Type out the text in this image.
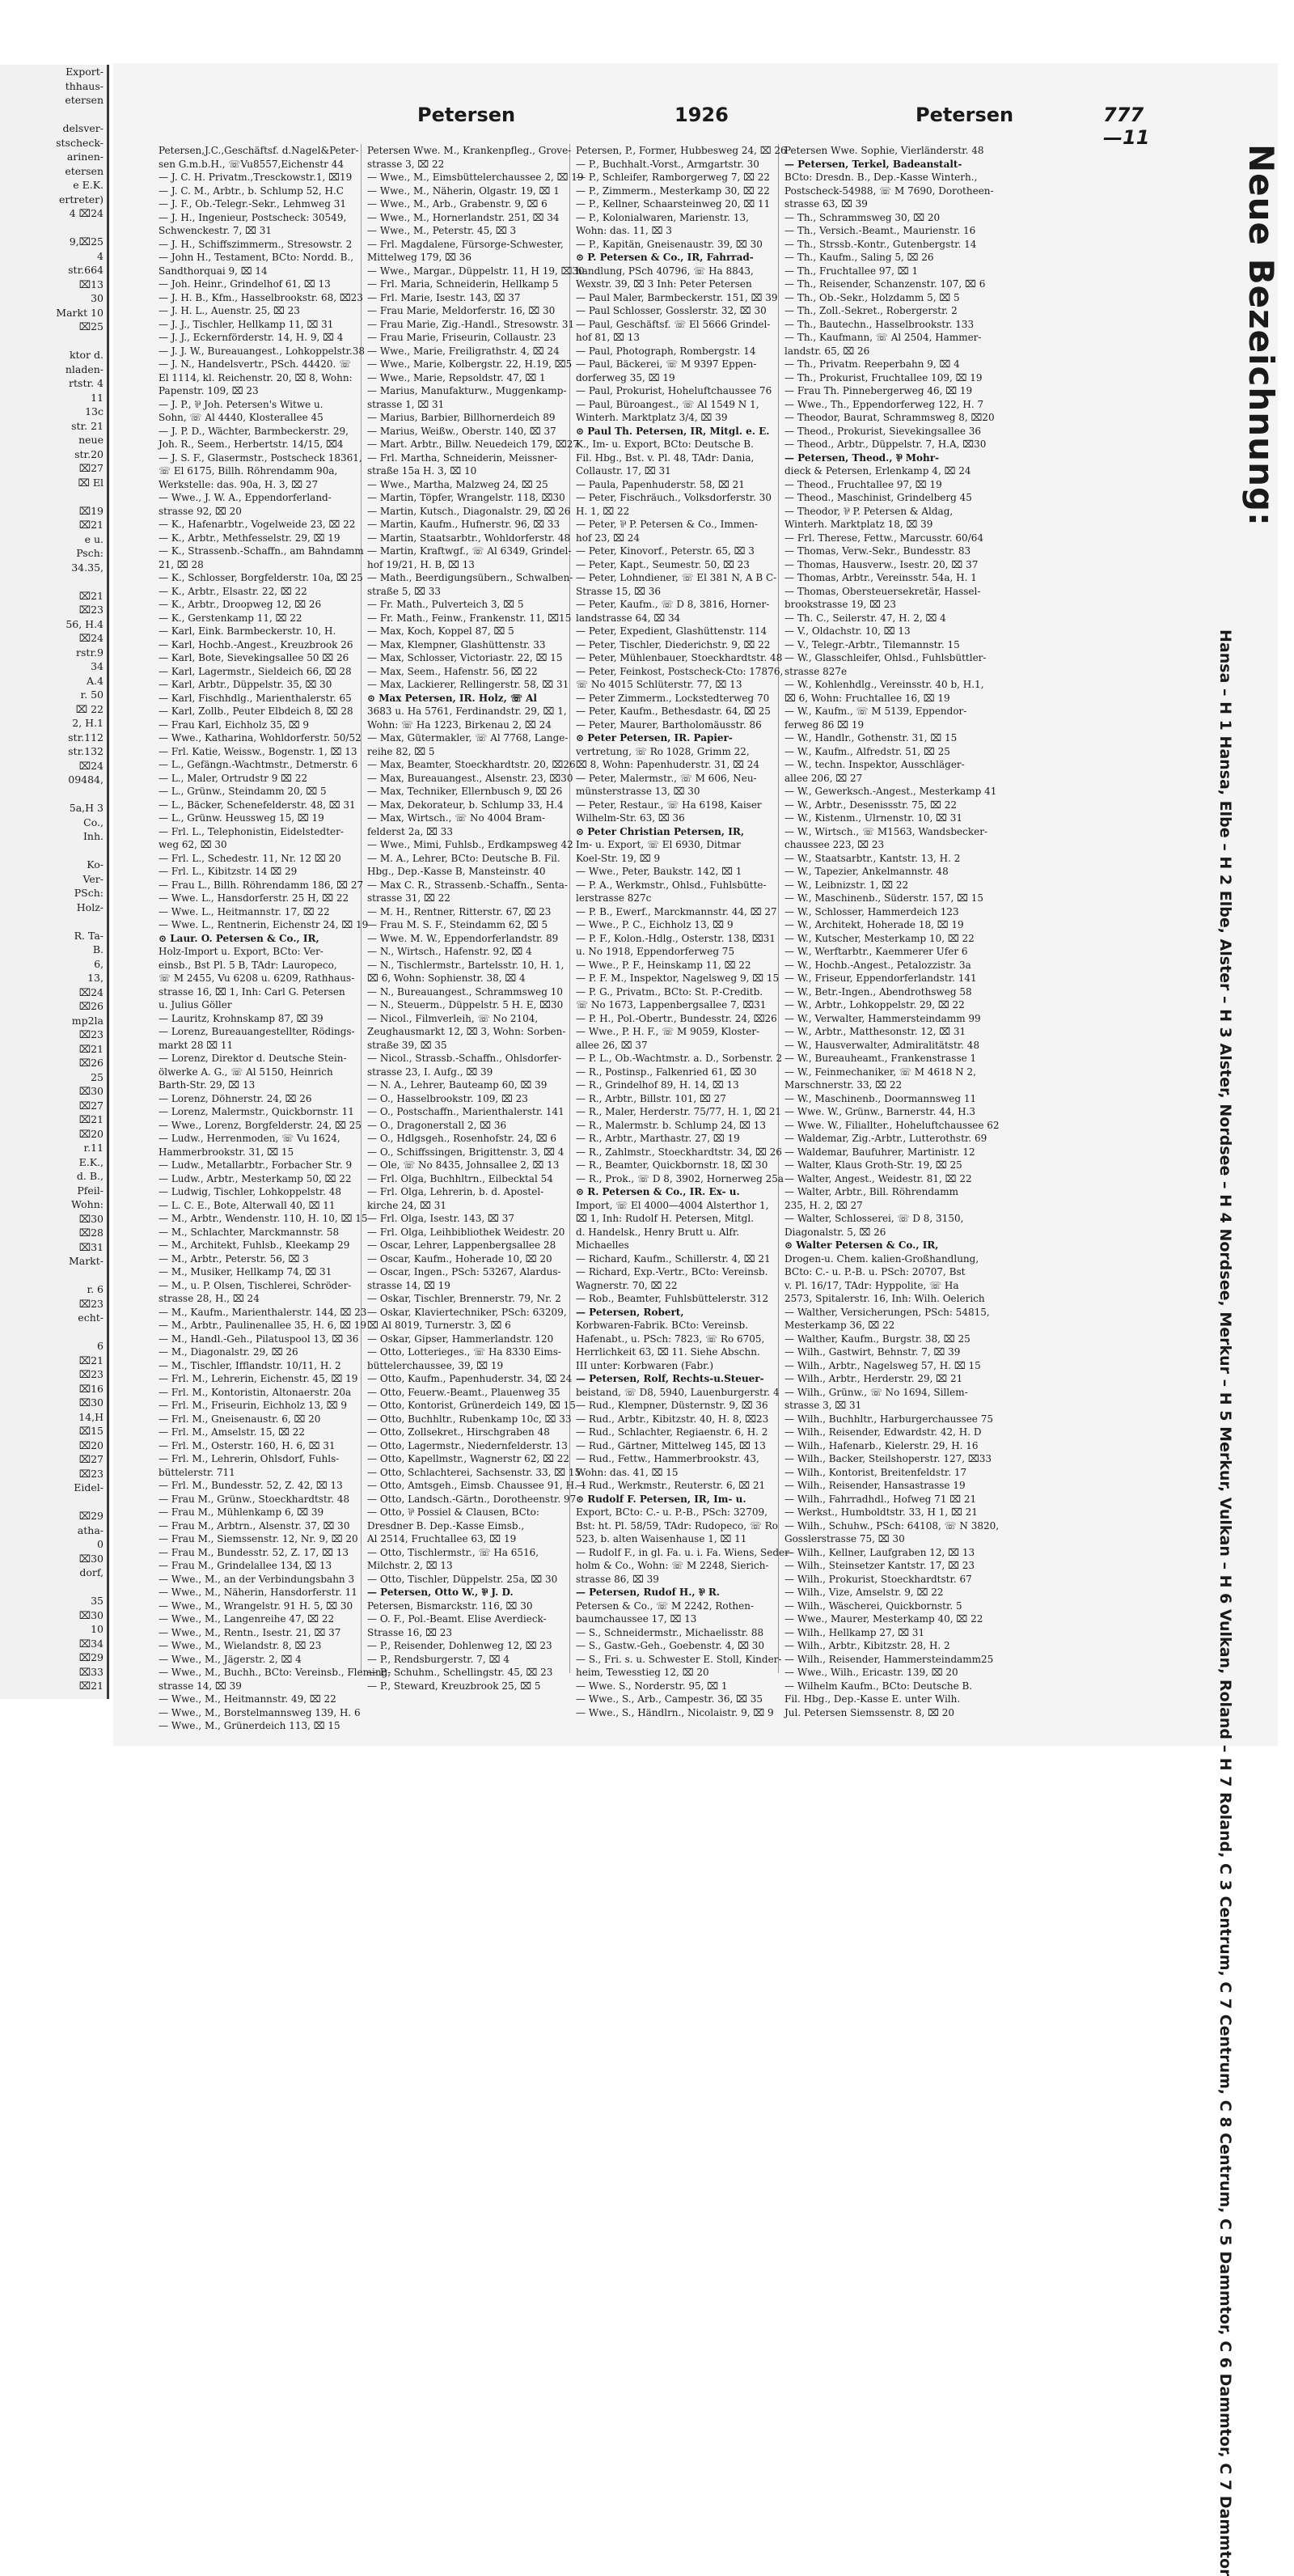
Export-
thhaus-
etersen

delsver-
stscheck-
arinen-
etersen
e E.K.
ertreter)
4 ⌧24

9,⌧25
4
str.664
⌧13
30
Markt 10
⌧25

ktor d.
nladen-
rtstr. 4
11
13c
str. 21
neue
str.20
⌧27
⌧ El

⌧19
⌧21
e u.
Psch:
34.35,

⌧21
⌧23
56, H.4
⌧24
rstr.9
34
A.4
r. 50
⌧ 22
2, H.1
str.112
str.132
⌧24
09484,

5a,H 3
Co.,
Inh.

Ko-
Ver-
PSch:
Holz-

R. Ta-
B.
6,
13,
⌧24
⌧26
mp2la
⌧23
⌧21
⌧26
25
⌧30
⌧27
⌧21
⌧20
r.11
E.K.,
d. B.,
Pfeil-
Wohn:
⌧30
⌧28
⌧31
Markt-

r. 6
⌧23
echt-

6
⌧21
⌧23
⌧16
⌧30
14,H
⌧15
⌧20
⌧27
⌧23
Eidel-

⌧29
atha-
0
⌧30
dorf,

35
⌧30
10
⌧34
⌧29
⌧33
⌧21
Petersen	1926	Petersen	777—11
Petersen,J.C.,Geschäftsf. d.Nagel&Peter-
sen G.m.b.H., ☏Vu8557,Eichenstr 44
— J. C. H. Privatm.,Tresckowstr.1, ⌧19
— J. C. M., Arbtr., b. Schlump 52, H.C
— J. F., Ob.-Telegr.-Sekr., Lehmweg 31
— J. H., Ingenieur, Postscheck: 30549,
Schwenckestr. 7, ⌧ 31
— J. H., Schiffszimmerm., Stresowstr. 2
— John H., Testament, BCto: Nordd. B.,
Sandthorquai 9, ⌧ 14
— Joh. Heinr., Grindelhof 61, ⌧ 13
— J. H. B., Kfm., Hasselbrookstr. 68, ⌧23
— J. H. L., Auenstr. 25, ⌧ 23
— J. J., Tischler, Hellkamp 11, ⌧ 31
— J. J., Eckernförderstr. 14, H. 9, ⌧ 4
— J. J. W., Bureauangest., Lohkoppelstr.38
— J. N., Handelsvertr., PSch. 44420. ☏
El 1114, kl. Reichenstr. 20, ⌧ 8, Wohn:
Papenstr. 109, ⌧ 23
— J. P., ⅌ Joh. Petersen's Witwe u.
Sohn, ☏ Al 4440, Klosterallee 45
— J. P. D., Wächter, Barmbeckerstr. 29,
Joh. R., Seem., Herbertstr. 14/15, ⌧4
— J. S. F., Glasermstr., Postscheck 18361,
☏ El 6175, Billh. Röhrendamm 90a,
Werkstelle: das. 90a, H. 3, ⌧ 27
— Wwe., J. W. A., Eppendorferland-
strasse 92, ⌧ 20
— K., Hafenarbtr., Vogelweide 23, ⌧ 22
— K., Arbtr., Methfesselstr. 29, ⌧ 19
— K., Strassenb.-Schaffn., am Bahndamm
21, ⌧ 28
— K., Schlosser, Borgfelderstr. 10a, ⌧ 25
— K., Arbtr., Elsastr. 22, ⌧ 22
— K., Arbtr., Droopweg 12, ⌧ 26
— K., Gerstenkamp 11, ⌧ 22
— Karl, Eink. Barmbeckerstr. 10, H.
— Karl, Hochb.-Angest., Kreuzbrook 26
— Karl, Bote, Sievekingsallee 50 ⌧ 26
— Karl, Lagermstr., Sieldeich 66, ⌧ 28
— Karl, Arbtr., Düppelstr. 35, ⌧ 30
— Karl, Fischhdlg., Marienthalerstr. 65
— Karl, Zollb., Peuter Elbdeich 8, ⌧ 28
— Frau Karl, Eichholz 35, ⌧ 9
— Wwe., Katharina, Wohldorferstr. 50/52
— Frl. Katie, Weissw., Bogenstr. 1, ⌧ 13
— L., Gefängn.-Wachtmstr., Detmerstr. 6
— L., Maler, Ortrudstr 9 ⌧ 22
— L., Grünw., Steindamm 20, ⌧ 5
— L., Bäcker, Schenefelderstr. 48, ⌧ 31
— L., Grünw. Heussweg 15, ⌧ 19
— Frl. L., Telephonistin, Eidelstedter-
weg 62, ⌧ 30
— Frl. L., Schedestr. 11, Nr. 12 ⌧ 20
— Frl. L., Kibitzstr. 14 ⌧ 29
— Frau L., Billh. Röhrendamm 186, ⌧ 27
— Wwe. L., Hansdorferstr. 25 H, ⌧ 22
— Wwe. L., Heitmannstr. 17, ⌧ 22
— Wwe. L., Rentnerin, Eichenstr 24, ⌧ 19
⊙ Laur. O. Petersen & Co., IR,
Holz-Import u. Export, BCto: Ver-
einsb., Bst Pl. 5 B, TAdr: Lauropeco,
☏ M 2455, Vu 6208 u. 6209, Rathhaus-
strasse 16, ⌧ 1, Inh: Carl G. Petersen
u. Julius Göller
— Lauritz, Krohnskamp 87, ⌧ 39
— Lorenz, Bureauangestellter, Rödings-
markt 28 ⌧ 11
— Lorenz, Direktor d. Deutsche Stein-
ölwerke A. G., ☏ Al 5150, Heinrich
Barth-Str. 29, ⌧ 13
— Lorenz, Döhnerstr. 24, ⌧ 26
— Lorenz, Malermstr., Quickbornstr. 11
— Wwe., Lorenz, Borgfelderstr. 24, ⌧ 25
— Ludw., Herrenmoden, ☏ Vu 1624,
Hammerbrookstr. 31, ⌧ 15
— Ludw., Metallarbtr., Forbacher Str. 9
— Ludw., Arbtr., Mesterkamp 50, ⌧ 22
— Ludwig, Tischler, Lohkoppelstr. 48
— L. C. E., Bote, Alterwall 40, ⌧ 11
— M., Arbtr., Wendenstr. 110, H. 10, ⌧ 15
— M., Schlachter, Marckmannstr. 58
— M., Architekt, Fuhlsb., Kleekamp 29
— M., Arbtr., Peterstr. 56, ⌧ 3
— M., Musiker, Hellkamp 74, ⌧ 31
— M., u. P. Olsen, Tischlerei, Schröder-
strasse 28, H., ⌧ 24
— M., Kaufm., Marienthalerstr. 144, ⌧ 23
— M., Arbtr., Paulinenallee 35, H. 6, ⌧ 19
— M., Handl.-Geh., Pilatuspool 13, ⌧ 36
— M., Diagonalstr. 29, ⌧ 26
— M., Tischler, Ifflandstr. 10/11, H. 2
— Frl. M., Lehrerin, Eichenstr. 45, ⌧ 19
— Frl. M., Kontoristin, Altonaerstr. 20a
— Frl. M., Friseurin, Eichholz 13, ⌧ 9
— Frl. M., Gneisenaustr. 6, ⌧ 20
— Frl. M., Amselstr. 15, ⌧ 22
— Frl. M., Osterstr. 160, H. 6, ⌧ 31
— Frl. M., Lehrerin, Ohlsdorf, Fuhls-
büttelerstr. 711
— Frl. M., Bundesstr. 52, Z. 42, ⌧ 13
— Frau M., Grünw., Stoeckhardtstr. 48
— Frau M., Mühlenkamp 6, ⌧ 39
— Frau M., Arbtrn., Alsenstr. 37, ⌧ 30
— Frau M., Siemssenstr. 12, Nr. 9, ⌧ 20
— Frau M., Bundesstr. 52, Z. 17, ⌧ 13
— Frau M., Grindelallee 134, ⌧ 13
— Wwe., M., an der Verbindungsbahn 3
— Wwe., M., Näherin, Hansdorferstr. 11
— Wwe., M., Wrangelstr. 91 H. 5, ⌧ 30
— Wwe., M., Langenreihe 47, ⌧ 22
— Wwe., M., Rentn., Isestr. 21, ⌧ 37
— Wwe., M., Wielandstr. 8, ⌧ 23
— Wwe., M., Jägerstr. 2, ⌧ 4
— Wwe., M., Buchh., BCto: Vereinsb., Fleming-
strasse 14, ⌧ 39
— Wwe., M., Heitmannstr. 49, ⌧ 22
— Wwe., M., Borstelmannsweg 139, H. 6
— Wwe., M., Grünerdeich 113, ⌧ 15
Petersen Wwe. M., Krankenpfleg., Grove-
strasse 3, ⌧ 22
— Wwe., M., Eimsbüttelerchaussee 2, ⌧ 19
— Wwe., M., Näherin, Olgastr. 19, ⌧ 1
— Wwe., M., Arb., Grabenstr. 9, ⌧ 6
— Wwe., M., Hornerlandstr. 251, ⌧ 34
— Wwe., M., Peterstr. 45, ⌧ 3
— Frl. Magdalene, Fürsorge-Schwester,
Mittelweg 179, ⌧ 36
— Wwe., Margar., Düppelstr. 11, H 19, ⌧30
— Frl. Maria, Schneiderin, Hellkamp 5
— Frl. Marie, Isestr. 143, ⌧ 37
— Frau Marie, Meldorferstr. 16, ⌧ 30
— Frau Marie, Zig.-Handl., Stresowstr. 31
— Frau Marie, Friseurin, Collaustr. 23
— Wwe., Marie, Freiligrathstr. 4, ⌧ 24
— Wwe., Marie, Kolbergstr. 22, H.19, ⌧5
— Wwe., Marie, Repsoldstr. 47, ⌧ 1
— Marius, Manufakturw., Muggenkamp-
strasse 1, ⌧ 31
— Marius, Barbier, Billhornerdeich 89
— Marius, Weißw., Oberstr. 140, ⌧ 37
— Mart. Arbtr., Billw. Neuedeich 179, ⌧27
— Frl. Martha, Schneiderin, Meissner-
straße 15a H. 3, ⌧ 10
— Wwe., Martha, Malzweg 24, ⌧ 25
— Martin, Töpfer, Wrangelstr. 118, ⌧30
— Martin, Kutsch., Diagonalstr. 29, ⌧ 26
— Martin, Kaufm., Hufnerstr. 96, ⌧ 33
— Martin, Staatsarbtr., Wohldorferstr. 48
— Martin, Kraftwgf., ☏ Al 6349, Grindel-
hof 19/21, H. B, ⌧ 13
— Math., Beerdigungsübern., Schwalben-
straße 5, ⌧ 33
— Fr. Math., Pulverteich 3, ⌧ 5
— Fr. Math., Feinw., Frankenstr. 11, ⌧15
— Max, Koch, Koppel 87, ⌧ 5
— Max, Klempner, Glashüttenstr. 33
— Max, Schlosser, Victoriastr. 22, ⌧ 15
— Max, Seem., Hafenstr. 56, ⌧ 22
— Max, Lackierer, Rellingerstr. 58, ⌧ 31
⊙ Max Petersen, IR. Holz, ☏ Al
3683 u. Ha 5761, Ferdinandstr. 29, ⌧ 1,
Wohn: ☏ Ha 1223, Birkenau 2, ⌧ 24
— Max, Gütermakler, ☏ Al 7768, Lange-
reihe 82, ⌧ 5
— Max, Beamter, Stoeckhardtstr. 20, ⌧26
— Max, Bureauangest., Alsenstr. 23, ⌧30
— Max, Techniker, Ellernbusch 9, ⌧ 26
— Max, Dekorateur, b. Schlump 33, H.4
— Max, Wirtsch., ☏ No 4004 Bram-
felderst 2a, ⌧ 33
— Wwe., Mimi, Fuhlsb., Erdkampsweg 42
— M. A., Lehrer, BCto: Deutsche B. Fil.
Hbg., Dep.-Kasse B, Mansteinstr. 40
— Max C. R., Strassenb.-Schaffn., Senta-
strasse 31, ⌧ 22
— M. H., Rentner, Ritterstr. 67, ⌧ 23
— Frau M. S. F., Steindamm 62, ⌧ 5
— Wwe. M. W., Eppendorferlandstr. 89
— N., Wirtsch., Hafenstr. 92, ⌧ 4
— N., Tischlermstr., Bartelsstr. 10, H. 1,
⌧ 6, Wohn: Sophienstr. 38, ⌧ 4
— N., Bureauangest., Schrammsweg 10
— N., Steuerm., Düppelstr. 5 H. E, ⌧30
— Nicol., Filmverleih, ☏ No 2104,
Zeughausmarkt 12, ⌧ 3, Wohn: Sorben-
straße 39, ⌧ 35
— Nicol., Strassb.-Schaffn., Ohlsdorfer-
strasse 23, I. Aufg., ⌧ 39
— N. A., Lehrer, Bauteamp 60, ⌧ 39
— O., Hasselbrookstr. 109, ⌧ 23
— O., Postschaffn., Marienthalerstr. 141
— O., Dragonerstall 2, ⌧ 36
— O., Hdlgsgeh., Rosenhofstr. 24, ⌧ 6
— O., Schiffssingen, Brigittenstr. 3, ⌧ 4
— Ole, ☏ No 8435, Johnsallee 2, ⌧ 13
— Frl. Olga, Buchhltrn., Eilbecktal 54
— Frl. Olga, Lehrerin, b. d. Apostel-
kirche 24, ⌧ 31
— Frl. Olga, Isestr. 143, ⌧ 37
— Frl. Olga, Leihbibliothek Weidestr. 20
— Oscar, Lehrer, Lappenbergsallee 28
— Oscar, Kaufm., Hoheradе 10, ⌧ 20
— Oscar, Ingen., PSch: 53267, Alardus-
strasse 14, ⌧ 19
— Oskar, Tischler, Brennerstr. 79, Nr. 2
— Oskar, Klaviertechniker, PSch: 63209,
⌧ Al 8019, Turnerstr. 3, ⌧ 6
— Oskar, Gipser, Hammerlandstr. 120
— Otto, Lotterieges., ☏ Ha 8330 Eims-
büttelerchaussee, 39, ⌧ 19
— Otto, Kaufm., Papenhuderstr. 34, ⌧ 24
— Otto, Feuerw.-Beamt., Plauenweg 35
— Otto, Kontorist, Grünerdeich 149, ⌧ 15
— Otto, Buchhltr., Rubenkamp 10c, ⌧ 33
— Otto, Zollsekret., Hirschgraben 48
— Otto, Lagermstr., Niedernfelderstr. 13
— Otto, Kapellmstr., Wagnerstr 62, ⌧ 22
— Otto, Schlachterei, Sachsenstr. 33, ⌧ 15
— Otto, Amtsgeh., Eimsb. Chaussee 91, H. 1
— Otto, Landsch.-Gärtn., Dorotheenstr. 97
— Otto, ⅌ Possiel & Clausen, BCto:
Dresdner B. Dep.-Kasse Eimsb.,
Al 2514, Fruchtallee 63, ⌧ 19
— Otto, Tischlermstr., ☏ Ha 6516,
Milchstr. 2, ⌧ 13
— Otto, Tischler, Düppelstr. 25a, ⌧ 30
— Petersen, Otto W., ⅌ J. D.
Petersen, Bismarckstr. 116, ⌧ 30
— O. F., Pol.-Beamt. Elise Averdieck-
Strasse 16, ⌧ 23
— P., Reisender, Dohlenweg 12, ⌧ 23
— P., Rendsburgerstr. 7, ⌧ 4
— P., Schuhm., Schellingstr. 45, ⌧ 23
— P., Steward, Kreuzbrook 25, ⌧ 5
Petersen, P., Former, Hubbesweg 24, ⌧ 26
— P., Buchhalt.-Vorst., Armgartstr. 30
— P., Schleifer, Ramborgerweg 7, ⌧ 22
— P., Zimmerm., Mesterkamp 30, ⌧ 22
— P., Kellner, Schaarsteinweg 20, ⌧ 11
— P., Kolonialwaren, Marienstr. 13,
Wohn: das. 11, ⌧ 3
— P., Kapitän, Gneisenaustr. 39, ⌧ 30
⊙ P. Petersen & Co., IR, Fahrrad-
handlung, PSch 40796, ☏ Ha 8843,
Wexstr. 39, ⌧ 3 Inh: Peter Petersen
— Paul Maler, Barmbeckerstr. 151, ⌧ 39
— Paul Schlosser, Gosslerstr. 32, ⌧ 30
— Paul, Geschäftsf. ☏ El 5666 Grindel-
hof 81, ⌧ 13
— Paul, Photograph, Rombergstr. 14
— Paul, Bäckerei, ☏ M 9397 Eppen-
dorferweg 35, ⌧ 19
— Paul, Prokurist, Hoheluftchaussee 76
— Paul, Büroangest., ☏ Al 1549 N 1,
Winterh. Marktplatz 3/4, ⌧ 39
⊙ Paul Th. Petersen, IR, Mitgl. e. E.
K., Im- u. Export, BCto: Deutsche B.
Fil. Hbg., Bst. v. Pl. 48, TAdr: Dania,
Collaustr. 17, ⌧ 31
— Paula, Papenhuderstr. 58, ⌧ 21
— Peter, Fischräuch., Volksdorferstr. 30
H. 1, ⌧ 22
— Peter, ⅌ P. Petersen & Co., Immen-
hof 23, ⌧ 24
— Peter, Kinovorf., Peterstr. 65, ⌧ 3
— Peter, Kapt., Seumestr. 50, ⌧ 23
— Peter, Lohndiener, ☏ El 381 N, A B C-
Strasse 15, ⌧ 36
— Peter, Kaufm., ☏ D 8, 3816, Horner-
landstrasse 64, ⌧ 34
— Peter, Expedient, Glashüttenstr. 114
— Peter, Tischler, Diederichstr. 9, ⌧ 22
— Peter, Mühlenbauer, Stoeckhardtstr. 48
— Peter, Feinkost, Postscheck-Cto: 17876,
☏ No 4015 Schlüterstr. 77, ⌧ 13
— Peter Zimmerm., Lockstedterweg 70
— Peter, Kaufm., Bethesdastr. 64, ⌧ 25
— Peter, Maurer, Bartholomäusstr. 86
⊙ Peter Petersen, IR. Papier-
vertretung, ☏ Ro 1028, Grimm 22,
⌧ 8, Wohn: Papenhuderstr. 31, ⌧ 24
— Peter, Malermstr., ☏ M 606, Neu-
münsterstrasse 13, ⌧ 30
— Peter, Restaur., ☏ Ha 6198, Kaiser
Wilhelm-Str. 63, ⌧ 36
⊙ Peter Christian Petersen, IR,
Im- u. Export, ☏ El 6930, Ditmar
Koel-Str. 19, ⌧ 9
— Wwe., Peter, Baukstr. 142, ⌧ 1
— P. A., Werkmstr., Ohlsd., Fuhlsbütte-
lerstrasse 827c
— P. B., Ewerf., Marckmannstr. 44, ⌧ 27
— Wwe., P. C., Eichholz 13, ⌧ 9
— P. F., Kolon.-Hdlg., Osterstr. 138, ⌧31
u. No 1918, Eppendorferweg 75
— Wwe., P. F., Heinskamp 11, ⌧ 22
— P. F. M., Inspektor, Nagelsweg 9, ⌧ 15
— P. G., Privatm., BCto: St. P.-Creditb.
☏ No 1673, Lappenbergsallee 7, ⌧31
— P. H., Pol.-Obertr., Bundesstr. 24, ⌧26
— Wwe., P. H. F., ☏ M 9059, Kloster-
allee 26, ⌧ 37
— P. L., Ob.-Wachtmstr. a. D., Sorbenstr. 2
— R., Postinsp., Falkenried 61, ⌧ 30
— R., Grindelhof 89, H. 14, ⌧ 13
— R., Arbtr., Billstr. 101, ⌧ 27
— R., Maler, Herderstr. 75/77, H. 1, ⌧ 21
— R., Malermstr. b. Schlump 24, ⌧ 13
— R., Arbtr., Marthastr. 27, ⌧ 19
— R., Zahlmstr., Stoeckhardtstr. 34, ⌧ 26
— R., Beamter, Quickbornstr. 18, ⌧ 30
— R., Prok., ☏ D 8, 3902, Hornerweg 25a
⊙ R. Petersen & Co., IR. Ex- u.
Import, ☏ El 4000—4004 Alsterthor 1,
⌧ 1, Inh: Rudolf H. Petersen, Mitgl.
d. Handelsk., Henry Brutt u. Alfr.
Michaelles
— Richard, Kaufm., Schillerstr. 4, ⌧ 21
— Richard, Exp.-Vertr., BCto: Vereinsb.
Wagnerstr. 70, ⌧ 22
— Rob., Beamter, Fuhlsbüttelerstr. 312
— Petersen, Robert,
Korbwaren-Fabrik. BCto: Vereinsb.
Hafenabt., u. PSch: 7823, ☏ Ro 6705,
Herrlichkeit 63, ⌧ 11. Siehe Abschn.
III unter: Korbwaren (Fabr.)
— Petersen, Rolf, Rechts-u.Steuer-
beistand, ☏ D8, 5940, Lauenburgerstr. 4
— Rud., Klempner, Düsternstr. 9, ⌧ 36
— Rud., Arbtr., Kibitzstr. 40, H. 8, ⌧23
— Rud., Schlachter, Regiaenstr. 6, H. 2
— Rud., Gärtner, Mittelweg 145, ⌧ 13
— Rud., Fettw., Hammerbrookstr. 43,
Wohn: das. 41, ⌧ 15
— Rud., Werkmstr., Reuterstr. 6, ⌧ 21
⊙ Rudolf F. Petersen, IR, Im- u.
Export, BCto: C.- u. P.-B., PSch: 32709,
Bst: ht. Pl. 58/59, TAdr: Rudopeco, ☏ Ro
523, b. alten Waisenhause 1, ⌧ 11
— Rudolf F., in gl. Fa. u. i. Fa. Wiens, Seder-
holm & Co., Wohn: ☏ M 2248, Sierich-
strasse 86, ⌧ 39
— Petersen, Rudof H., ⅌ R.
Petersen & Co., ☏ M 2242, Rothen-
baumchaussee 17, ⌧ 13
— S., Schneidermstr., Michaelisstr. 88
— S., Gastw.-Geh., Goebenstr. 4, ⌧ 30
— S., Fri. s. u. Schwester E. Stoll, Kinder-
heim, Tewesstieg 12, ⌧ 20
— Wwe. S., Norderstr. 95, ⌧ 1
— Wwe., S., Arb., Campestr. 36, ⌧ 35
— Wwe., S., Händlrn., Nicolaistr. 9, ⌧ 9
Petersen Wwe. Sophie, Vierländerstr. 48
— Petersen, Terkel, Badeanstalt-
BCto: Dresdn. B., Dep.-Kasse Winterh.,
Postscheck-54988, ☏ M 7690, Dorotheen-
strasse 63, ⌧ 39
— Th., Schrammsweg 30, ⌧ 20
— Th., Versich.-Beamt., Maurienstr. 16
— Th., Strssb.-Kontr., Gutenbergstr. 14
— Th., Kaufm., Saling 5, ⌧ 26
— Th., Fruchtallee 97, ⌧ 1
— Th., Reisender, Schanzenstr. 107, ⌧ 6
— Th., Ob.-Sekr., Holzdamm 5, ⌧ 5
— Th., Zoll.-Sekret., Robergerstr. 2
— Th., Bautechn., Hasselbrookstr. 133
— Th., Kaufmann, ☏ Al 2504, Hammer-
landstr. 65, ⌧ 26
— Th., Privatm. Reeperbahn 9, ⌧ 4
— Th., Prokurist, Fruchtallee 109, ⌧ 19
— Frau Th. Pinnebergerweg 46, ⌧ 19
— Wwe., Th., Eppendorferweg 122, H. 7
— Theodor, Baurat, Schrammsweg 8, ⌧20
— Theod., Prokurist, Sievekingsallee 36
— Theod., Arbtr., Düppelstr. 7, H.A, ⌧30
— Petersen, Theod., ⅌ Mohr-
dieck & Petersen, Erlenkamp 4, ⌧ 24
— Theod., Fruchtallee 97, ⌧ 19
— Theod., Maschinist, Grindelberg 45
— Theodor, ⅌ P. Petersen & Aldag,
Winterh. Marktplatz 18, ⌧ 39
— Frl. Therese, Fettw., Marcusstr. 60/64
— Thomas, Verw.-Sekr., Bundesstr. 83
— Thomas, Hausverw., Isestr. 20, ⌧ 37
— Thomas, Arbtr., Vereinsstr. 54a, H. 1
— Thomas, Obersteuersekretär, Hassel-
brookstrasse 19, ⌧ 23
— Th. C., Seilerstr. 47, H. 2, ⌧ 4
— V., Oldachstr. 10, ⌧ 13
— V., Telegr.-Arbtr., Tilemannstr. 15
— W., Glasschleifer, Ohlsd., Fuhlsbüttler-
strasse 827e
— W., Kohlenhdlg., Vereinsstr. 40 b, H.1,
⌧ 6, Wohn: Fruchtallee 16, ⌧ 19
— W., Kaufm., ☏ M 5139, Eppendor-
ferweg 86 ⌧ 19
— W., Handlr., Gothenstr. 31, ⌧ 15
— W., Kaufm., Alfredstr. 51, ⌧ 25
— W., techn. Inspektor, Ausschläger-
allee 206, ⌧ 27
— W., Gewerksch.-Angest., Mesterkamp 41
— W., Arbtr., Desenissstr. 75, ⌧ 22
— W., Kistenm., Ulrnenstr. 10, ⌧ 31
— W., Wirtsch., ☏ M1563, Wandsbecker-
chaussee 223, ⌧ 23
— W., Staatsarbtr., Kantstr. 13, H. 2
— W., Tapezier, Ankelmannstr. 48
— W., Leibnizstr. 1, ⌧ 22
— W., Maschinenb., Süderstr. 157, ⌧ 15
— W., Schlosser, Hammerdeich 123
— W., Architekt, Hoheradе 18, ⌧ 19
— W., Kutscher, Mesterkamp 10, ⌧ 22
— W., Werftarbtr., Kaemmerer Ufer 6
— W., Hochb.-Angest., Petalozzistr. 3a
— W., Friseur, Eppendorferlandstr. 141
— W., Betr.-Ingen., Abendrothsweg 58
— W., Arbtr., Lohkoppelstr. 29, ⌧ 22
— W., Verwalter, Hammersteindamm 99
— W., Arbtr., Matthesonstr. 12, ⌧ 31
— W., Hausverwalter, Admiralitätstr. 48
— W., Bureauheamt., Frankenstrasse 1
— W., Feinmechaniker, ☏ M 4618 N 2,
Marschnerstr. 33, ⌧ 22
— W., Maschinenb., Doormannsweg 11
— Wwe. W., Grünw., Barnerstr. 44, H.3
— Wwe. W., Filiallter., Hoheluftchaussee 62
— Waldemar, Zig.-Arbtr., Lutterothstr. 69
— Waldemar, Baufuhrer, Martinistr. 12
— Walter, Klaus Groth-Str. 19, ⌧ 25
— Walter, Angest., Weidestr. 81, ⌧ 22
— Walter, Arbtr., Bill. Röhrendamm
235, H. 2, ⌧ 27
— Walter, Schlosserei, ☏ D 8, 3150,
Diagonalstr. 5, ⌧ 26
⊙ Walter Petersen & Co., IR,
Drogen-u. Chem. kalien-Großhandlung,
BCto: C.- u. P.-B. u. PSch: 20707, Bst
v. Pl. 16/17, TAdr: Hyppolite, ☏ Ha
2573, Spitalerstr. 16, Inh: Wilh. Oelerich
— Walther, Versicherungen, PSch: 54815,
Mesterkamp 36, ⌧ 22
— Walther, Kaufm., Burgstr. 38, ⌧ 25
— Wilh., Gastwirt, Behnstr. 7, ⌧ 39
— Wilh., Arbtr., Nagelsweg 57, H. ⌧ 15
— Wilh., Arbtr., Herderstr. 29, ⌧ 21
— Wilh., Grünw., ☏ No 1694, Sillem-
strasse 3, ⌧ 31
— Wilh., Buchhltr., Harburgerchaussee 75
— Wilh., Reisender, Edwardstr. 42, H. D
— Wilh., Hafenarb., Kielerstr. 29, H. 16
— Wilh., Backer, Steilshoperstr. 127, ⌧33
— Wilh., Kontorist, Breitenfeldstr. 17
— Wilh., Reisender, Hansastrasse 19
— Wilh., Fahrradhdl., Hofweg 71 ⌧ 21
— Werkst., Humboldtstr. 33, H 1, ⌧ 21
— Wilh., Schuhw., PSch: 64108, ☏ N 3820,
Gosslerstrasse 75, ⌧ 30
— Wilh., Kellner, Laufgraben 12, ⌧ 13
— Wilh., Steinsetzer Kantstr. 17, ⌧ 23
— Wilh., Prokurist, Stoeckhardtstr. 67
— Wilh., Vize, Amselstr. 9, ⌧ 22
— Wilh., Wäscherei, Quickbornstr. 5
— Wwe., Maurer, Mesterkamp 40, ⌧ 22
— Wilh., Hellkamp 27, ⌧ 31
— Wilh., Arbtr., Kibitzstr. 28, H. 2
— Wilh., Reisender, Hammersteindamm25
— Wwe., Wilh., Ericastr. 139, ⌧ 20
— Wilhelm Kaufm., BCto: Deutsche B.
Fil. Hbg., Dep.-Kasse E. unter Wilh.
Jul. Petersen Siemssenstr. 8, ⌧ 20
Neue Bezeichnung:
Hansa – H 1 Hansa, Elbe – H 2 Elbe, Alster – H 3 Alster, Nordsee – H 4 Nordsee, Merkur – H 5 Merkur, Vulkan – H 6 Vulkan, Roland – H 7 Roland, C 3 Centrum, C 7 Centrum, C 8 Centrum, C 5 Dammtor, C 6 Dammtor, C 7 Dammtor
